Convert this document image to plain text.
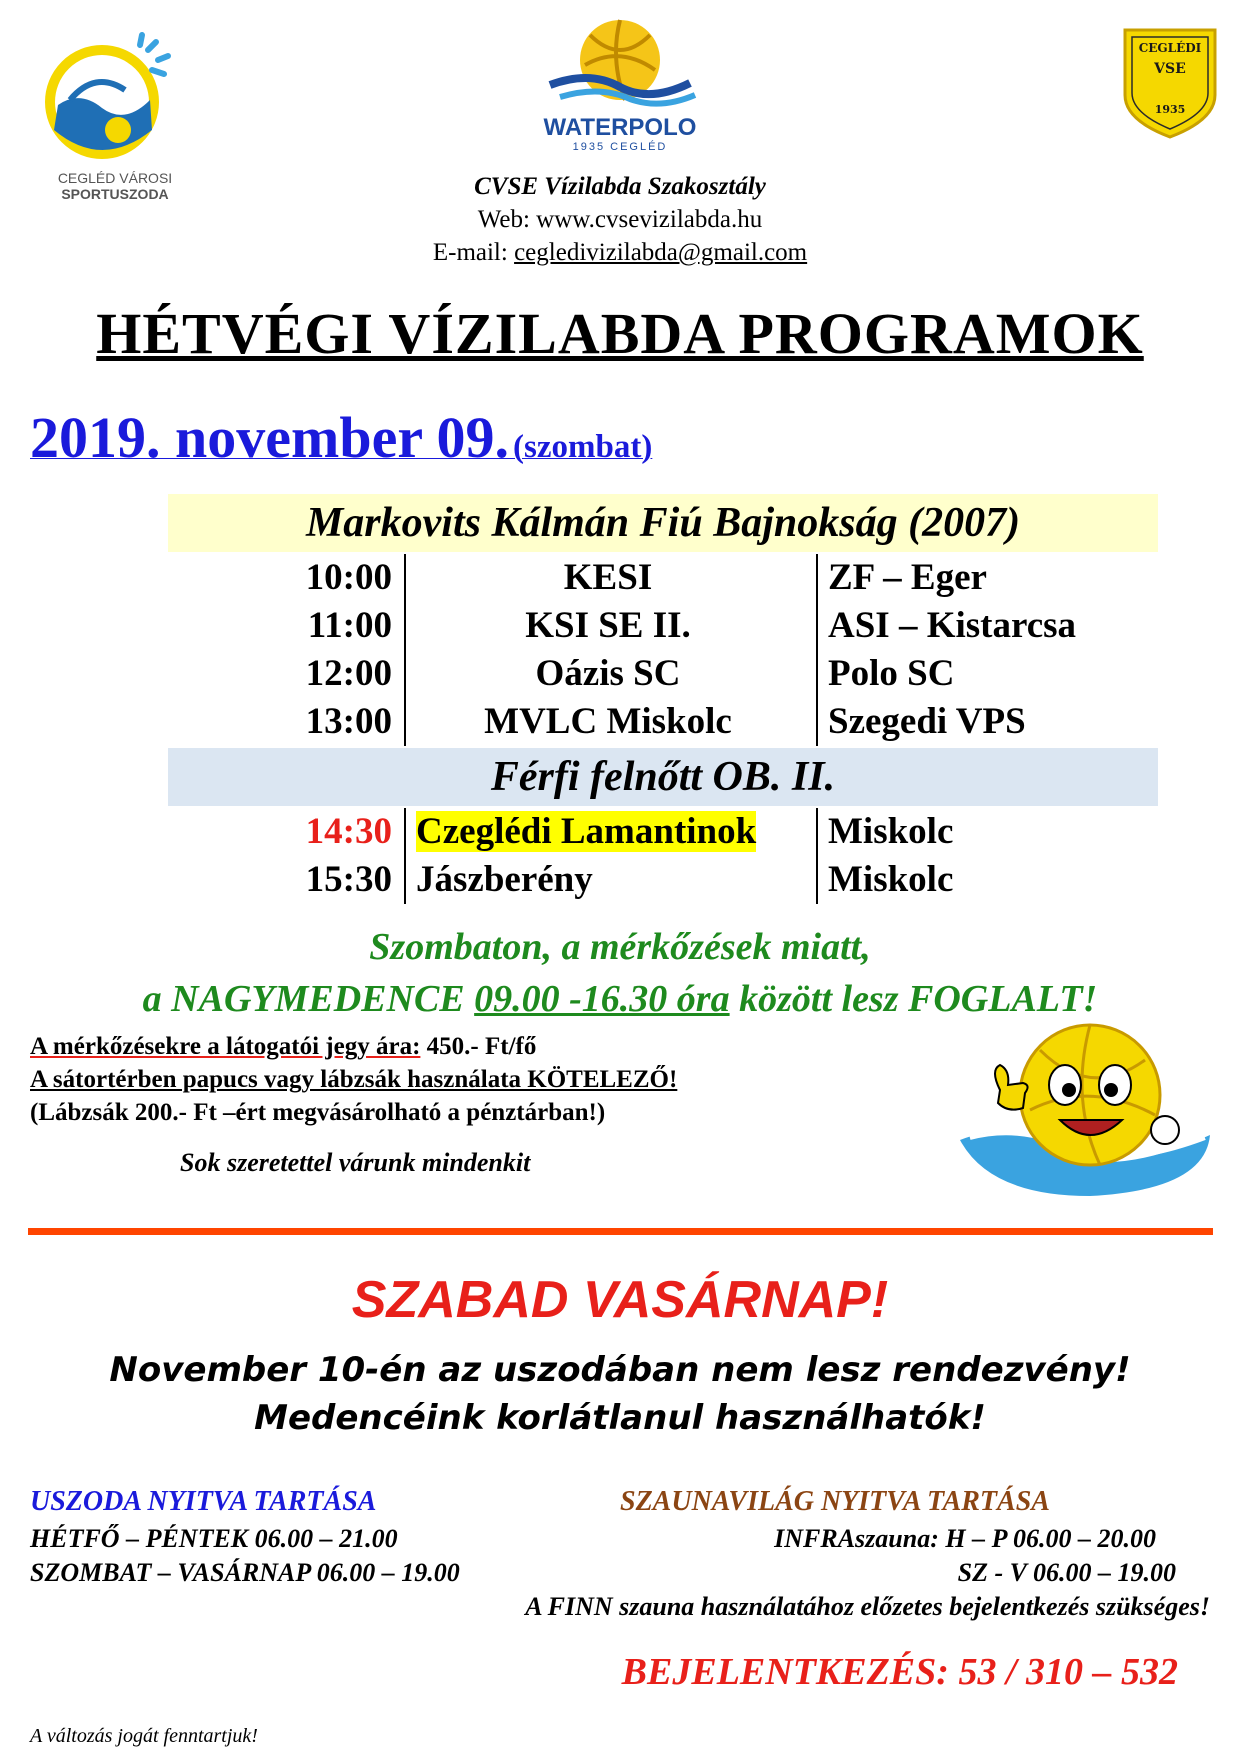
CEGLÉD VÁROSI
SPORTUSZODA
WATERPOLO
1935 CEGLÉD
CEGLÉDI
VSE
1935
CVSE Vízilabda Szakosztály
Web: www.cvsevizilabda.hu
E-mail: cegledivizilabda@gmail.com
HÉTVÉGI VÍZILABDA PROGRAMOK
2019. november 09. (szombat)
Markovits Kálmán Fiú Bajnokság (2007)
10:00	KESI	ZF – Eger
11:00	KSI SE II.	ASI – Kistarcsa
12:00	Oázis SC	Polo SC
13:00	MVLC Miskolc	Szegedi VPS
Férfi felnőtt OB. II.
14:30 Czeglédi Lamantinok	Miskolc
15:30 Jászberény	Miskolc
Szombaton, a mérkőzések miatt,
a NAGYMEDENCE 09.00 -16.30 óra között lesz FOGLALT!
A mérkőzésekre a látogatói jegy ára: 450.- Ft/fő
A sátortérben papucs vagy lábzsák használata KÖTELEZŐ!
(Lábzsák 200.- Ft –ért megvásárolható a pénztárban!)
Sok szeretettel várunk mindenkit
SZABAD VASÁRNAP!
November 10-én az uszodában nem lesz rendezvény!
Medencéink korlátlanul használhatók!
USZODA NYITVA TARTÁSA
HÉTFŐ – PÉNTEK 06.00 – 21.00
SZOMBAT – VASÁRNAP 06.00 – 19.00
SZAUNAVILÁG NYITVA TARTÁSA
INFRAszauna: H – P 06.00 – 20.00
SZ - V 06.00 – 19.00
A FINN szauna használatához előzetes bejelentkezés szükséges!
BEJELENTKEZÉS: 53 / 310 – 532
A változás jogát fenntartjuk!
